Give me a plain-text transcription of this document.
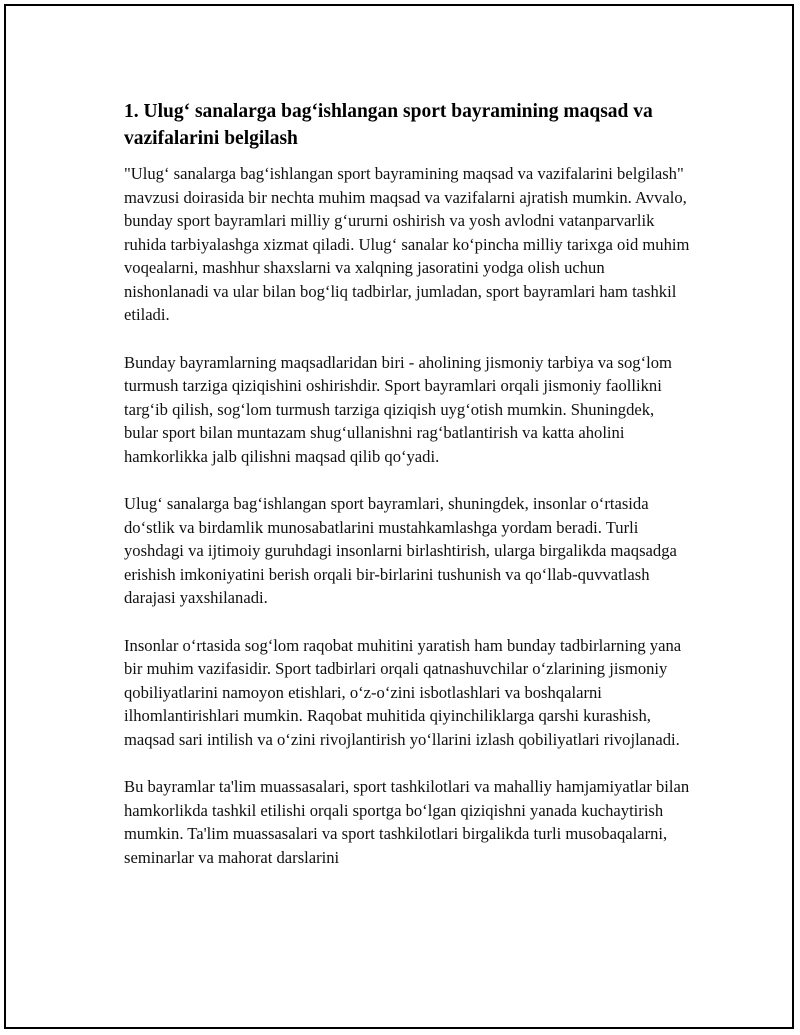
1. Ulug‘ sanalarga bag‘ishlangan sport bayramining maqsad va vazifalarini belgilash

"Ulug‘ sanalarga bag‘ishlangan sport bayramining maqsad va vazifalarini belgilash" mavzusi doirasida bir nechta muhim maqsad va vazifalarni ajratish mumkin. Avvalo, bunday sport bayramlari milliy g‘ururni oshirish va yosh avlodni vatanparvarlik ruhida tarbiyalashga xizmat qiladi. Ulug‘ sanalar ko‘pincha milliy tarixga oid muhim voqealarni, mashhur shaxslarni va xalqning jasoratini yodga olish uchun nishonlanadi va ular bilan bog‘liq tadbirlar, jumladan, sport bayramlari ham tashkil etiladi.

Bunday bayramlarning maqsadlaridan biri - aholining jismoniy tarbiya va sog‘lom turmush tarziga qiziqishini oshirishdir. Sport bayramlari orqali jismoniy faollikni targ‘ib qilish, sog‘lom turmush tarziga qiziqish uyg‘otish mumkin. Shuningdek, bular sport bilan muntazam shug‘ullanishni rag‘batlantirish va katta aholini hamkorlikka jalb qilishni maqsad qilib qo‘yadi.

Ulug‘ sanalarga bag‘ishlangan sport bayramlari, shuningdek, insonlar o‘rtasida do‘stlik va birdamlik munosabatlarini mustahkamlashga yordam beradi. Turli yoshdagi va ijtimoiy guruhdagi insonlarni birlashtirish, ularga birgalikda maqsadga erishish imkoniyatini berish orqali bir-birlarini tushunish va qo‘llab-quvvatlash darajasi yaxshilanadi.

Insonlar o‘rtasida sog‘lom raqobat muhitini yaratish ham bunday tadbirlarning yana bir muhim vazifasidir. Sport tadbirlari orqali qatnashuvchilar o‘zlarining jismoniy qobiliyatlarini namoyon etishlari, o‘z-o‘zini isbotlashlari va boshqalarni ilhomlantirishlari mumkin. Raqobat muhitida qiyinchiliklarga qarshi kurashish, maqsad sari intilish va o‘zini rivojlantirish yo‘llarini izlash qobiliyatlari rivojlanadi.

Bu bayramlar ta'lim muassasalari, sport tashkilotlari va mahalliy hamjamiyatlar bilan hamkorlikda tashkil etilishi orqali sportga bo‘lgan qiziqishni yanada kuchaytirish mumkin. Ta'lim muassasalari va sport tashkilotlari birgalikda turli musobaqalarni, seminarlar va mahorat darslarini
